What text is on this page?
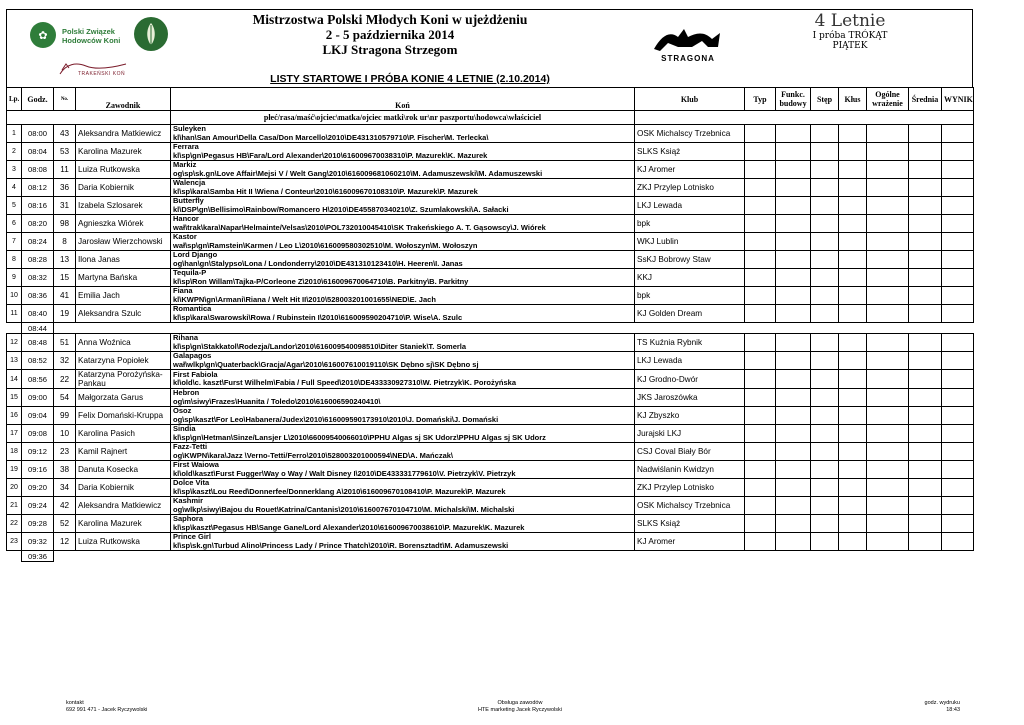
✿	Polski Związek
Hodowców Koni
TRAKEŃSKI KOŃ
STRAGONA
Mistrzostwa Polski Młodych Koni w ujeżdżeniu
2 - 5 października 2014
LKJ Stragona Strzegom
4 Letnie
I próba TRÓKĄT
PIĄTEK
LISTY STARTOWE I PRÓBA KONIE 4 LETNIE (2.10.2014)
Lp.	Godz.	No.	Zawodnik	Koń	Klub	Typ	Funkc. budowy	Stęp	Kłus	Ogólne wrażenie	Średnia	WYNIK
				płeć/rasa/maść\ojciec\matka/ojciec matki\rok ur\nr paszportu\hodowca\właściciel								
1	08:00	43	Aleksandra Matkiewicz	Suleyken
kl\han\San Amour\Della Casa/Don Marcello\2010\DE431310579710\P. Fischer\M. Terlecka\	OSK Michalscy Trzebnica							
2	08:04	53	Karolina Mazurek	Ferrara
kl\sp\gn\Pegasus HB\Fara/Lord Alexander\2010\616009670038310\P. Mazurek\K. Mazurek	SLKS Książ							
3	08:08	11	Luiza Rutkowska	Markiz
og\sp\sk.gn\Love Affair\Mejsi V / Welt Gang\2010\616009681060210\M. Adamuszewski\M. Adamuszewski	KJ Aromer							
4	08:12	36	Daria Kobiernik	Walencja
kl\sp\kara\Samba Hit II \Wiena / Conteur\2010\616009670108310\P. Mazurek\P. Mazurek	ZKJ Przylep Lotnisko							
5	08:16	31	Izabela Szlosarek	Butterfly
kl\DSP\gn\Bellisimo\Rainbow/Romancero H\2010\DE455870340210\Z. Szumlakowski\A. Sałacki	LKJ Lewada							
6	08:20	98	Agnieszka Wiórek	Hancor
wał\trak\kara\Napar\Helmainte/Velsas\2010\POL732010045410\SK Trakeńskiego A. T. Gąsowscy\J. Wiórek	bpk							
7	08:24	8	Jarosław Wierzchowski	Kastor
wał\sp\gn\Ramstein\Karmen / Leo L\2010\616009580302510\M. Wołoszyn\M. Wołoszyn	WKJ Lublin							
8	08:28	13	Ilona Janas	Lord Django
og\han\gn\Stalypso\Lona / Londonderry\2010\DE431310123410\H. Heeren\I. Janas	SsKJ Bobrowy Staw							
9	08:32	15	Martyna Bańska	Tequila-P
kl\sp\Ron Willam\Tajka-P/Corleone Z\2010\616009670064710\B. Parkitny\B. Parkitny	KKJ							
10	08:36	41	Emilia Jach	Fiana
kl\KWPN\gn\Armani\Riana / Welt Hit II\2010\528003201001655\NED\E. Jach	bpk							
11	08:40	19	Aleksandra Szulc	Romantica
kl\sp\kara\Swarowski\Rowa / Rubinstein I\2010\616009590204710\P. Wise\A. Szulc	KJ Golden Dream							
	08:44											
12	08:48	51	Anna Woźnica	Rihana
kl\sp\gn\Stakkatol\Rodezja/Landor\2010\616009540098510\Diter Staniek\T. Somerla	TS Kuźnia Rybnik							
13	08:52	32	Katarzyna Popiołek	Galapagos
wał\wlkp\gn\Quaterback\Gracja/Agar\2010\616007610019110\SK Dębno sj\SK Dębno sj	LKJ Lewada							
14	08:56	22	Katarzyna Porożyńska-Pankau	First Fabiola
kl\old\c. kaszt\Furst Wilhelm\Fabia / Full Speed\2010\DE433330927310\W. Pietrzyk\K. Porożyńska	KJ Grodno-Dwór							
15	09:00	54	Małgorzata Garus	Hebron
og\m\siwy\Frazes\Huanita / Toledo\2010\616006590240410\	JKS Jaroszówka							
16	09:04	99	Felix Domański-Kruppa	Osoz
og\sp\kaszt\For Leo\Habanera/Judex\2010\616009590173910\2010\J. Domański\J. Domański	KJ Zbyszko							
17	09:08	10	Karolina Pasich	Sindia
kl\sp\gn\Hetman\Sinze/Lansjer L\2010\66009540066010\PPHU Algas sj SK Udorz\PPHU Algas sj SK Udorz	Jurajski LKJ							
18	09:12	23	Kamil Rajnert	Fazz-Tetti
og\KWPN\kara\Jazz \Verno-Tetti/Ferro\2010\528003201000594\NED\A. Mańczak\	CSJ Coval Biały Bór							
19	09:16	38	Danuta Kosecka	First Waiowa
kl\old\kaszt\Furst Fugger\Way o Way / Walt Disney I\2010\DE433331779610\V. Pietrzyk\V. Pietrzyk	Nadwiślanin Kwidzyn							
20	09:20	34	Daria Kobiernik	Dolce Vita
kl\sp\kaszt\Lou Reed\Donnerfee/Donnerklang A\2010\616009670108410\P. Mazurek\P. Mazurek	ZKJ Przylep Lotnisko							
21	09:24	42	Aleksandra Matkiewicz	Kashmir
og\wlkp\siwy\Bajou du Rouet\Katrina/Cantanis\2010\616007670104710\M. Michalski\M. Michalski	OSK Michalscy Trzebnica							
22	09:28	52	Karolina Mazurek	Saphora
kl\sp\kaszt\Pegasus HB\Sange Gane/Lord Alexander\2010\616009670038610\P. Mazurek\K. Mazurek	SLKS Książ							
23	09:32	12	Luiza Rutkowska	Prince Girl
kl\sp\sk.gn\Turbud Alino\Princess Lady / Prince Thatch\2010\R. Borensztadt\M. Adamuszewski	KJ Aromer							
	09:36											
kontakt
692 991 471 - Jacek Ryczywolski
Obsługa zawodów
HTE marketing Jacek Ryczywolski
godz. wydruku
18:43
